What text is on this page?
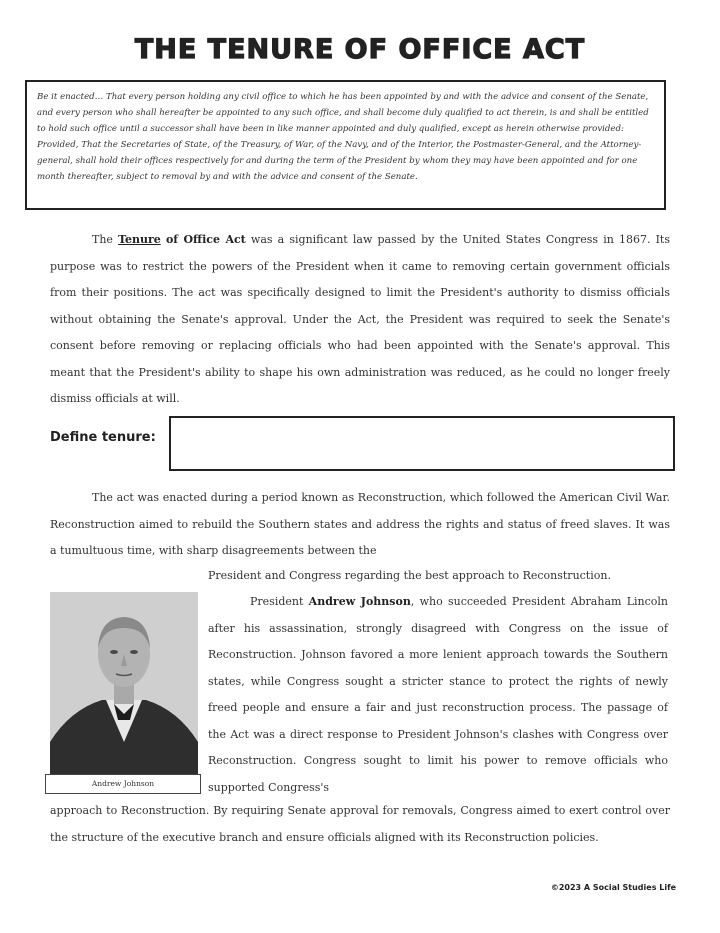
THE TENURE OF OFFICE ACT
Be it enacted… That every person holding any civil office to which he has been appointed by and with the advice and consent of the Senate, and every person who shall hereafter be appointed to any such office, and shall become duly qualified to act therein, is and shall be entitled to hold such office until a successor shall have been in like manner appointed and duly qualified, except as herein otherwise provided: Provided, That the Secretaries of State, of the Treasury, of War, of the Navy, and of the Interior, the Postmaster-General, and the Attorney-general, shall hold their offices respectively for and during the term of the President by whom they may have been appointed and for one month thereafter, subject to removal by and with the advice and consent of the Senate.

The Tenure of Office Act was a significant law passed by the United States Congress in 1867. Its purpose was to restrict the powers of the President when it came to removing certain government officials from their positions. The act was specifically designed to limit the President's authority to dismiss officials without obtaining the Senate's approval. Under the Act, the President was required to seek the Senate's consent before removing or replacing officials who had been appointed with the Senate's approval. This meant that the President's ability to shape his own administration was reduced, as he could no longer freely dismiss officials at will.

Define tenure:

The act was enacted during a period known as Reconstruction, which followed the American Civil War. Reconstruction aimed to rebuild the Southern states and address the rights and status of freed slaves. It was a tumultuous time, with sharp disagreements between the

President and Congress regarding the best approach to Reconstruction.

Andrew Johnson

President Andrew Johnson, who succeeded President Abraham Lincoln after his assassination, strongly disagreed with Congress on the issue of Reconstruction. Johnson favored a more lenient approach towards the Southern states, while Congress sought a stricter stance to protect the rights of newly freed people and ensure a fair and just reconstruction process. The passage of the Act was a direct response to President Johnson's clashes with Congress over Reconstruction. Congress sought to limit his power to remove officials who supported Congress's

approach to Reconstruction. By requiring Senate approval for removals, Congress aimed to exert control over the structure of the executive branch and ensure officials aligned with its Reconstruction policies.

©2023 A Social Studies Life
